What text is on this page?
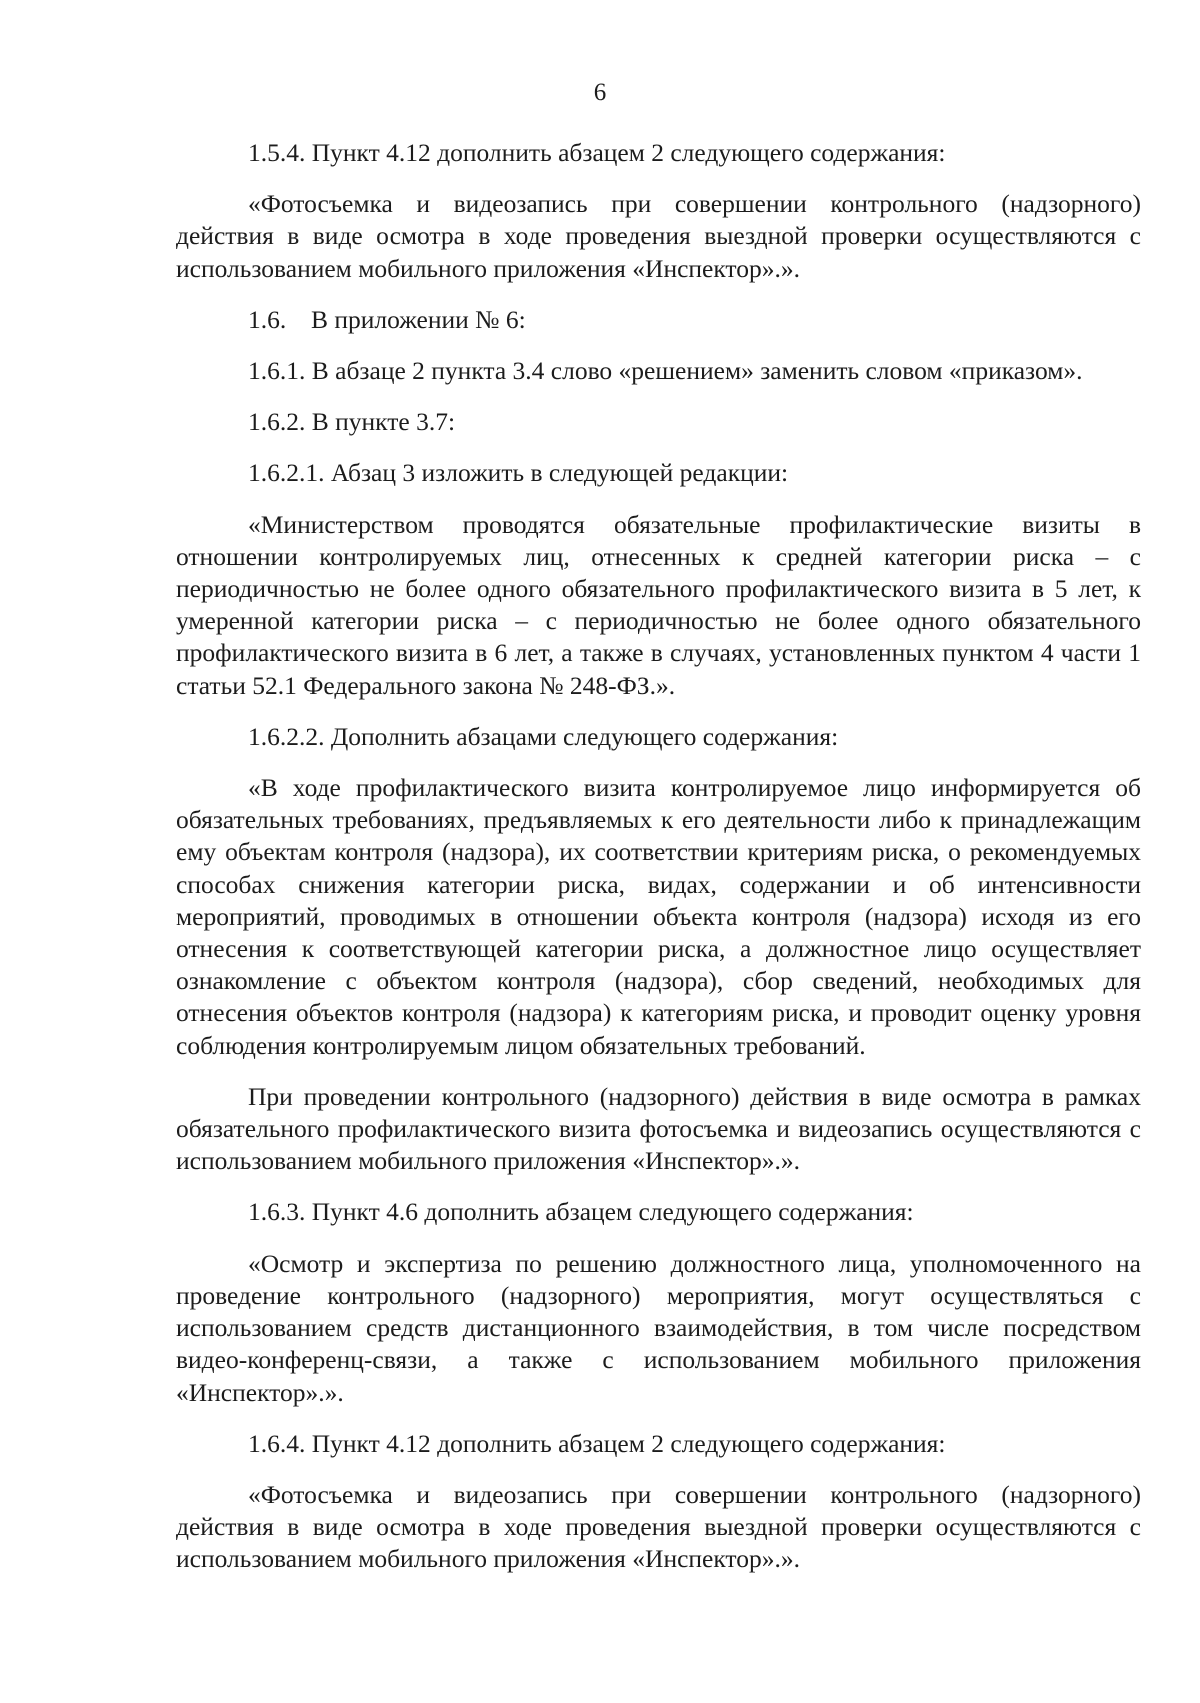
6

1.5.4. Пункт 4.12 дополнить абзацем 2 следующего содержания:

«Фотосъемка и видеозапись при совершении контрольного (надзорного) действия в виде осмотра в ходе проведения выездной проверки осуществляются с использованием мобильного приложения «Инспектор».».

1.6. В приложении № 6:

1.6.1. В абзаце 2 пункта 3.4 слово «решением» заменить словом «приказом».

1.6.2. В пункте 3.7:

1.6.2.1. Абзац 3 изложить в следующей редакции:

«Министерством проводятся обязательные профилактические визиты в отношении контролируемых лиц, отнесенных к средней категории риска – с периодичностью не более одного обязательного профилактического визита в 5 лет, к умеренной категории риска – с периодичностью не более одного обязательного профилактического визита в 6 лет, а также в случаях, установленных пунктом 4 части 1 статьи 52.1 Федерального закона № 248-ФЗ.».

1.6.2.2. Дополнить абзацами следующего содержания:

«В ходе профилактического визита контролируемое лицо информируется об обязательных требованиях, предъявляемых к его деятельности либо к принадлежащим ему объектам контроля (надзора), их соответствии критериям риска, о рекомендуемых способах снижения категории риска, видах, содержании и об интенсивности мероприятий, проводимых в отношении объекта контроля (надзора) исходя из его отнесения к соответствующей категории риска, а должностное лицо осуществляет ознакомление с объектом контроля (надзора), сбор сведений, необходимых для отнесения объектов контроля (надзора) к категориям риска, и проводит оценку уровня соблюдения контролируемым лицом обязательных требований.

При проведении контрольного (надзорного) действия в виде осмотра в рамках обязательного профилактического визита фотосъемка и видеозапись осуществляются с использованием мобильного приложения «Инспектор».».

1.6.3. Пункт 4.6 дополнить абзацем следующего содержания:

«Осмотр и экспертиза по решению должностного лица, уполномоченного на проведение контрольного (надзорного) мероприятия, могут осуществляться с использованием средств дистанционного взаимодействия, в том числе посредством видео-конференц-связи, а также с использованием мобильного приложения «Инспектор».».

1.6.4. Пункт 4.12 дополнить абзацем 2 следующего содержания:

«Фотосъемка и видеозапись при совершении контрольного (надзорного) действия в виде осмотра в ходе проведения выездной проверки осуществляются с использованием мобильного приложения «Инспектор».».
